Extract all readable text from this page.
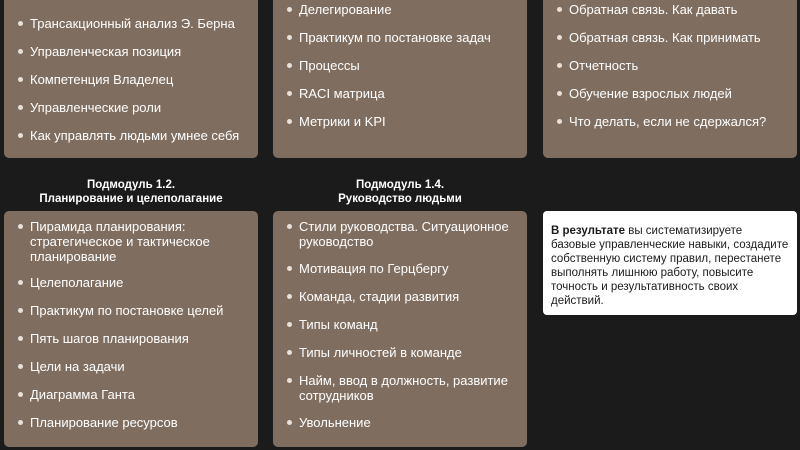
Трансакционный анализ Э. Берна
Управленческая позиция
Компетенция Владелец
Управленческие роли
Как управлять людьми умнее себя
Делегирование
Практикум по постановке задач
Процессы
RACI матрица
Метрики и KPI
Обратная связь. Как давать
Обратная связь. Как принимать
Отчетность
Обучение взрослых людей
Что делать, если не сдержался?
Подмодуль 1.2.
Планирование и целеполагание
Подмодуль 1.4.
Руководство людьми
Пирамида планирования: стратегическое и тактическое планирование
Целеполагание
Практикум по постановке целей
Пять шагов планирования
Цели на задачи
Диаграмма Ганта
Планирование ресурсов
Стили руководства. Ситуационное руководство
Мотивация по Герцбергу
Команда, стадии развития
Типы команд
Типы личностей в команде
Найм, ввод в должность, развитие сотрудников
Увольнение
В результате вы систематизируете базовые управленческие навыки, создадите собственную систему правил, перестанете выполнять лишнюю работу, повысите точность и результативность своих действий.
